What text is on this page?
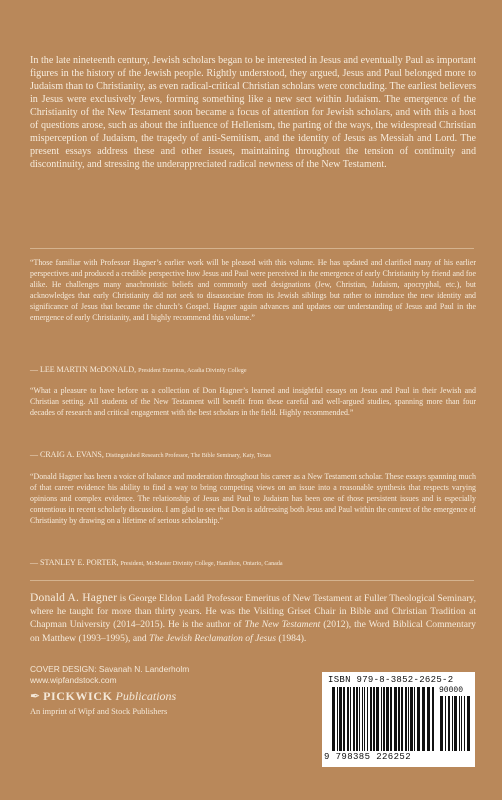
In the late nineteenth century, Jewish scholars began to be interested in Jesus and eventually Paul as important figures in the history of the Jewish people. Rightly understood, they argued, Jesus and Paul belonged more to Judaism than to Christianity, as even radical-critical Christian scholars were concluding. The earliest believers in Jesus were exclusively Jews, forming something like a new sect within Judaism. The emergence of the Christianity of the New Testament soon became a focus of attention for Jewish scholars, and with this a host of questions arose, such as about the influence of Hellenism, the parting of the ways, the widespread Christian misperception of Judaism, the tragedy of anti-Semitism, and the identity of Jesus as Messiah and Lord. The present essays address these and other issues, maintaining throughout the tension of continuity and discontinuity, and stressing the underappreciated radical newness of the New Testament.

“Those familiar with Professor Hagner’s earlier work will be pleased with this volume. He has updated and clarified many of his earlier perspectives and produced a credible perspective how Jesus and Paul were perceived in the emergence of early Christianity by friend and foe alike. He challenges many anachronistic beliefs and commonly used designations (Jew, Christian, Judaism, apocryphal, etc.), but acknowledges that early Christianity did not seek to disassociate from its Jewish siblings but rather to introduce the new identity and significance of Jesus that became the church’s Gospel. Hagner again advances and updates our understanding of Jesus and Paul in the emergence of early Christianity, and I highly recommend this volume.”

— LEE MARTIN McDONALD, President Emeritus, Acadia Divinity College

“What a pleasure to have before us a collection of Don Hagner’s learned and insightful essays on Jesus and Paul in their Jewish and Christian setting. All students of the New Testament will benefit from these careful and well-argued studies, spanning more than four decades of research and critical engagement with the best scholars in the field. Highly recommended.”

— CRAIG A. EVANS, Distinguished Research Professor, The Bible Seminary, Katy, Texas

“Donald Hagner has been a voice of balance and moderation throughout his career as a New Testament scholar. These essays spanning much of that career evidence his ability to find a way to bring competing views on an issue into a reasonable synthesis that respects varying opinions and complex evidence. The relationship of Jesus and Paul to Judaism has been one of those persistent issues and is especially contentious in recent scholarly discussion. I am glad to see that Don is addressing both Jesus and Paul within the context of the emergence of Christianity by drawing on a lifetime of serious scholarship.”

— STANLEY E. PORTER, President, McMaster Divinity College, Hamilton, Ontario, Canada

Donald A. Hagner is George Eldon Ladd Professor Emeritus of New Testament at Fuller Theological Seminary, where he taught for more than thirty years. He was the Visiting Griset Chair in Bible and Christian Tradition at Chapman University (2014–2015). He is the author of The New Testament (2012), the Word Biblical Commentary on Matthew (1993–1995), and The Jewish Reclamation of Jesus (1984).

COVER DESIGN: Savanah N. Landerholm
www.wipfandstock.com
✒ PICKWICK Publications
An imprint of Wipf and Stock Publishers
ISBN 979-8-3852-2625-2
90000
9 798385 226252
